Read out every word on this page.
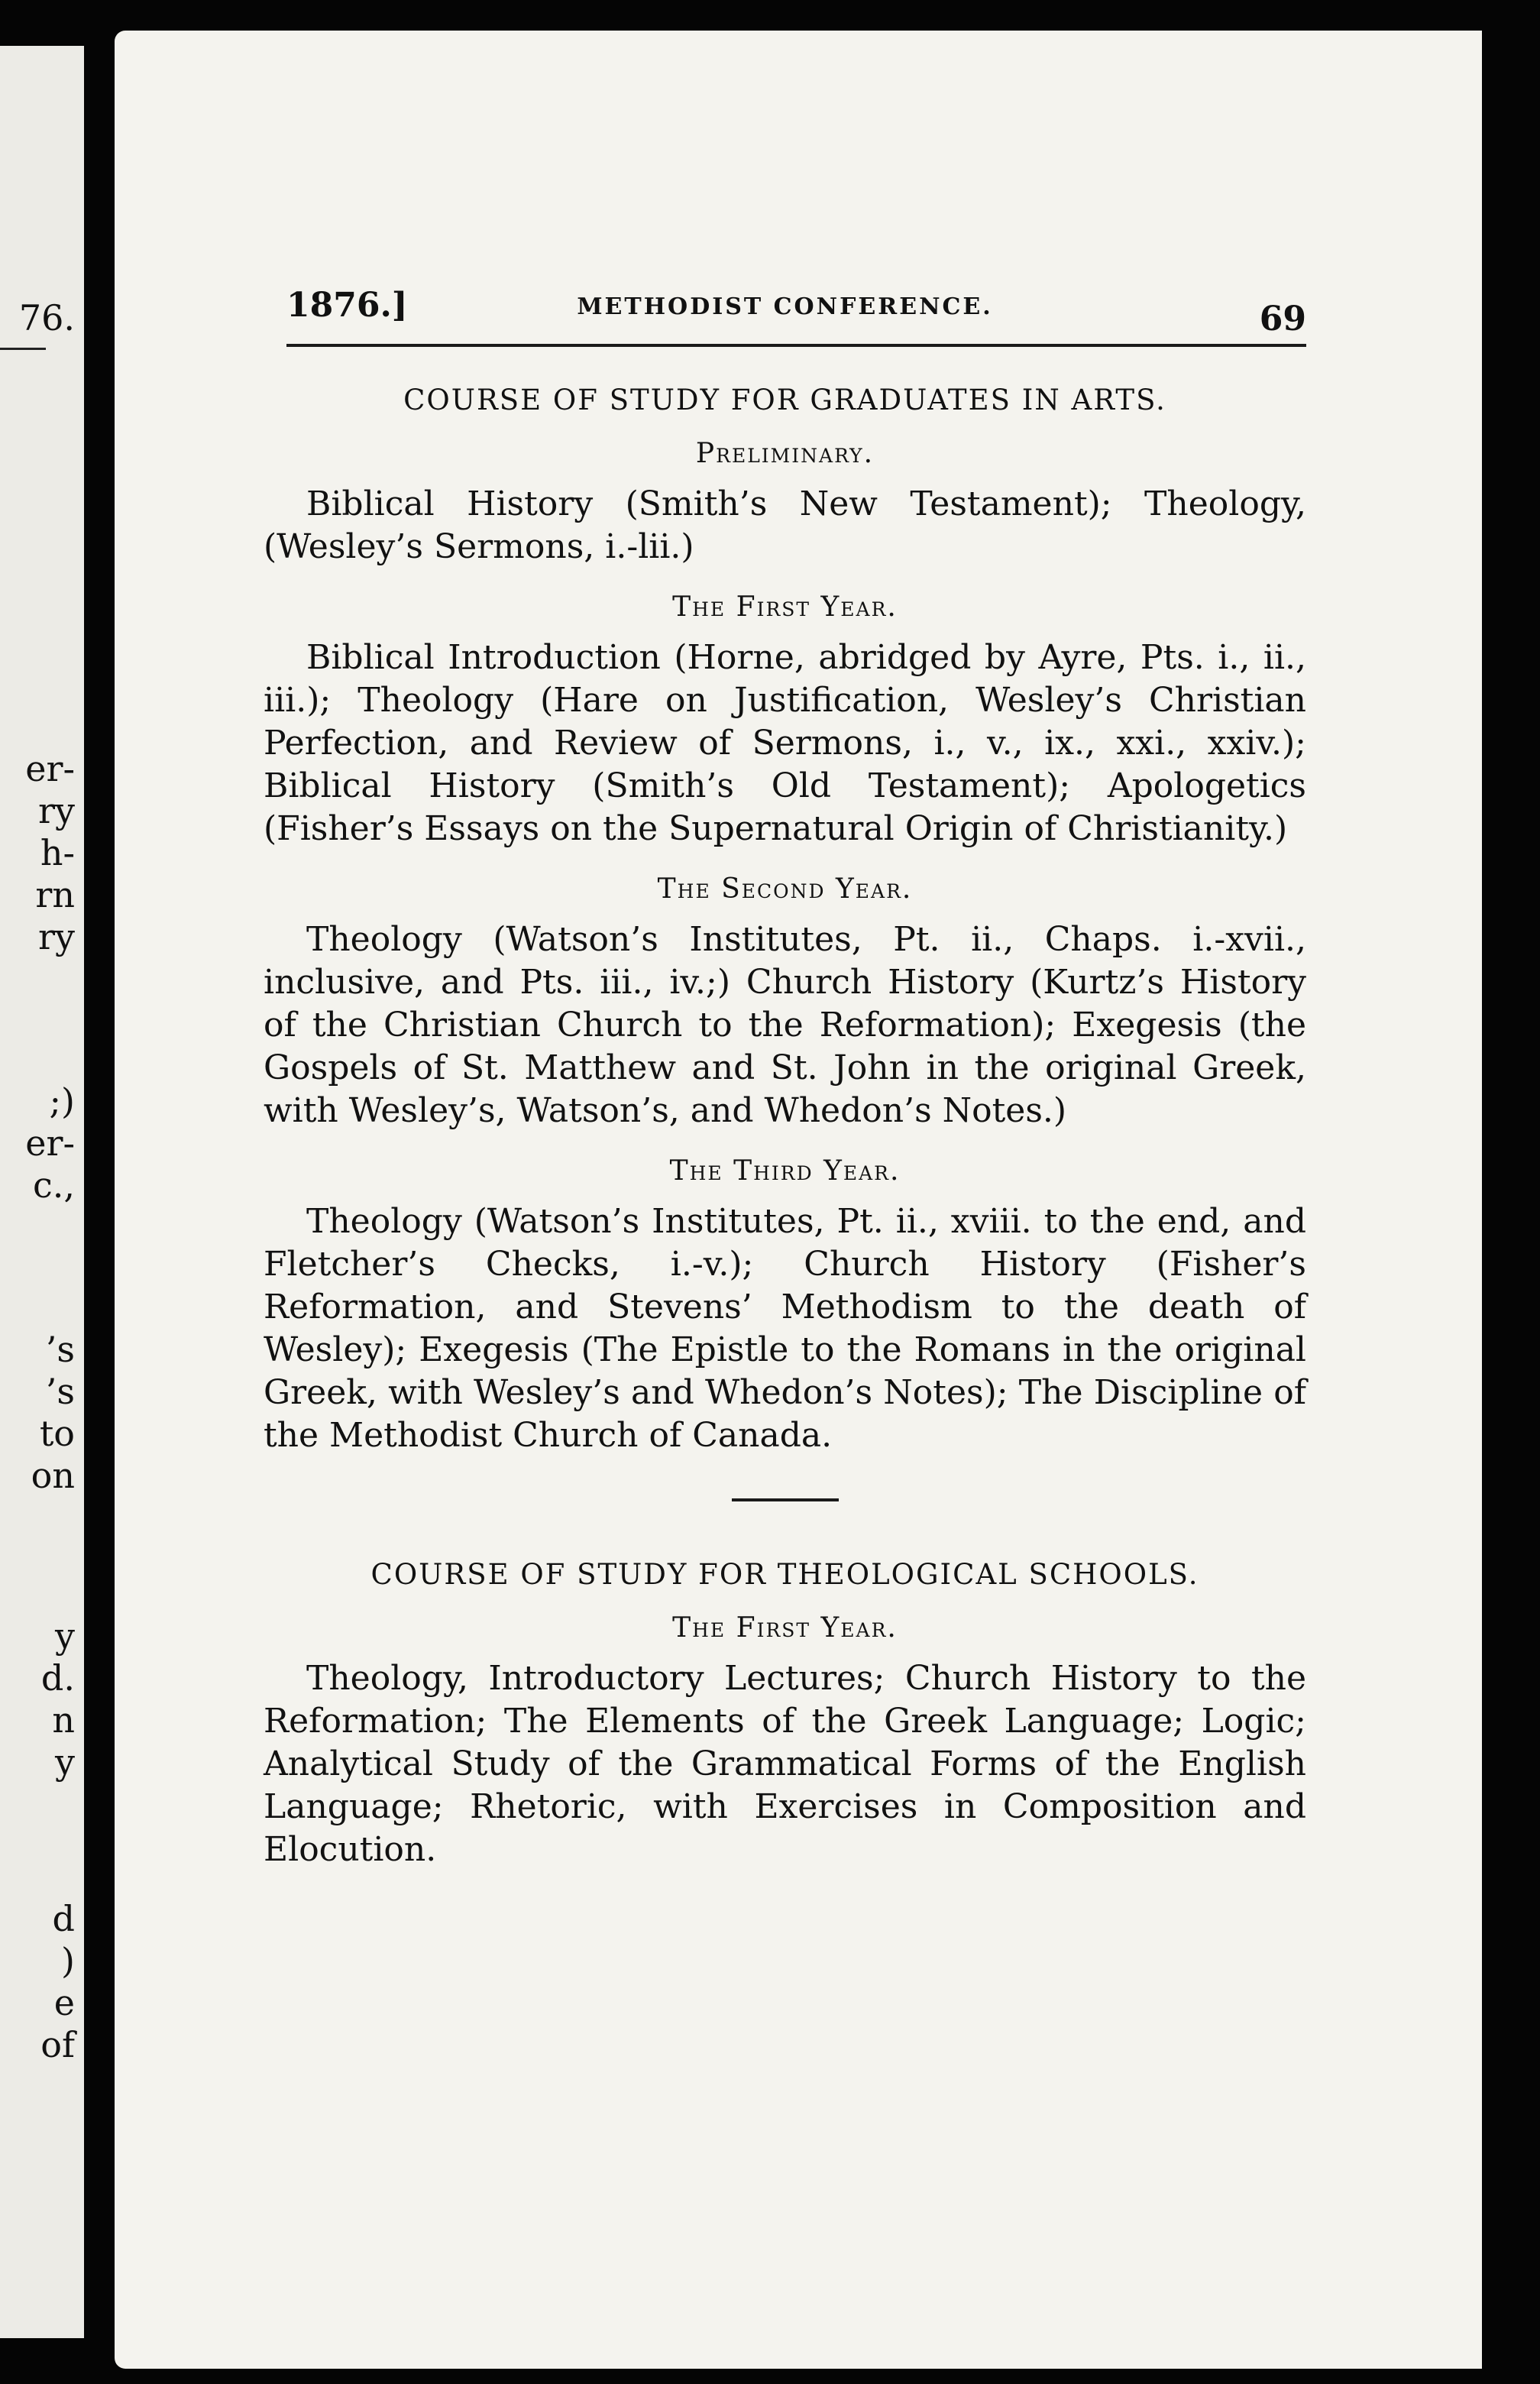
76.
er-
ry
h-
rn
ry
;)
er-
c.,
’s
’s
to
on
y
d.
n
y
d
)
e
of
1876.]	METHODIST CONFERENCE.	69
COURSE OF STUDY FOR GRADUATES IN ARTS.
Preliminary.

Biblical History (Smith’s New Testament); Theology, (Wesley’s Sermons, i.-lii.)

The First Year.

Biblical Introduction (Horne, abridged by Ayre, Pts. i., ii., iii.); Theology (Hare on Justification, Wesley’s Christian Perfection, and Review of Sermons, i., v., ix., xxi., xxiv.); Biblical History (Smith’s Old Testament); Apologetics (Fisher’s Essays on the Supernatural Origin of Christianity.)

The Second Year.

Theology (Watson’s Institutes, Pt. ii., Chaps. i.-xvii., inclusive, and Pts. iii., iv.;) Church History (Kurtz’s History of the Christian Church to the Reformation); Exegesis (the Gospels of St. Matthew and St. John in the original Greek, with Wesley’s, Watson’s, and Whedon’s Notes.)

The Third Year.

Theology (Watson’s Institutes, Pt. ii., xviii. to the end, and Fletcher’s Checks, i.-v.); Church History (Fisher’s Reformation, and Stevens’ Methodism to the death of Wesley); Exegesis (The Epistle to the Romans in the original Greek, with Wesley’s and Whedon’s Notes); The Discipline of the Methodist Church of Canada.

COURSE OF STUDY FOR THEOLOGICAL SCHOOLS.
The First Year.

Theology, Introductory Lectures; Church History to the Reformation; The Elements of the Greek Language; Logic; Analytical Study of the Grammatical Forms of the English Language; Rhetoric, with Exercises in Composition and Elocution.
